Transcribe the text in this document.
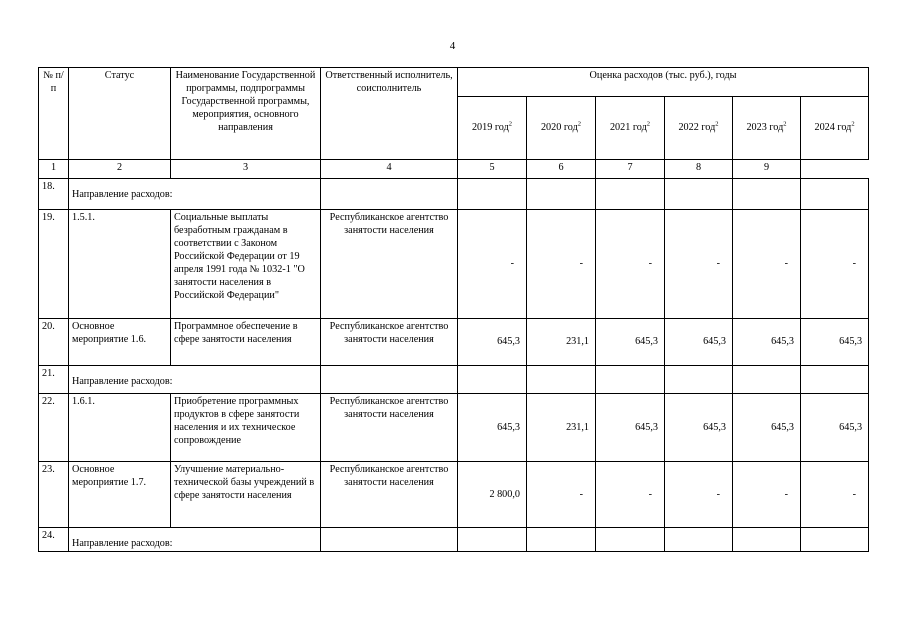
4
№ п/п	Статус	Наименование Государственной программы, подпрограммы Государственной программы, мероприятия, основного направления	Ответственный исполнитель, соисполнитель	Оценка расходов (тыс. руб.), годы					
				2019 год$^2$	2020 год$^2$	2021 год$^2$	2022 год$^2$	2023 год$^2$	2024 год$^2$
1	2	3	4	5	6	7	8	9	
18.	Направление расходов:								
19.	1.5.1.	Социальные выплаты безработным гражданам в соответствии с Законом Российской Федерации от 19 апреля 1991 года № 1032-1 "О занятости населения в Российской Федерации"	Республиканское агентство занятости населения	-	-	-	-	-	-
20.	Основное мероприятие 1.6.	Программное обеспечение в сфере занятости населения	Республиканское агентство занятости населения	645,3	231,1	645,3	645,3	645,3	645,3
21.	Направление расходов:								
22.	1.6.1.	Приобретение программных продуктов в сфере занятости населения и их техническое сопровождение	Республиканское агентство занятости населения	645,3	231,1	645,3	645,3	645,3	645,3
23.	Основное мероприятие 1.7.	Улучшение материально-технической базы учреждений в сфере занятости населения	Республиканское агентство занятости населения	2 800,0	-	-	-	-	-
24.	Направление расходов:								
